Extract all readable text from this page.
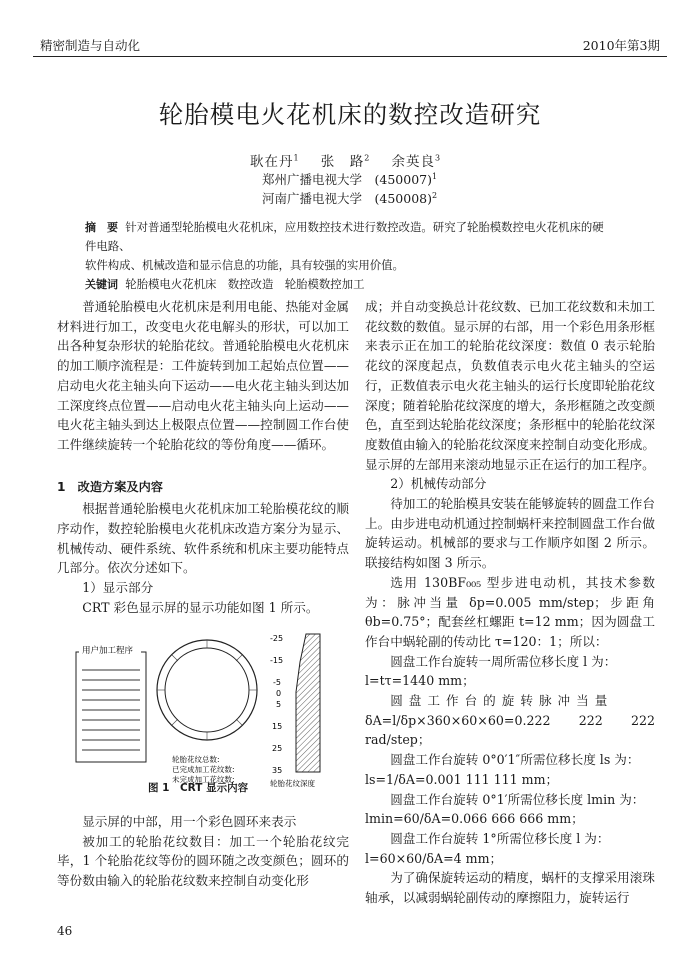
精密制造与自动化	2010年第3期
轮胎模电火花机床的数控改造研究
耿在丹$^1$ 张　路$^2$ 余英良$^3$
郑州广播电视大学　$(450007)^1$
河南广播电视大学　$(450008)^2$
摘　要 针对普通型轮胎模电火花机床，应用数控技术进行数控改造。研究了轮胎模数控电火花机床的硬件电路、
软件构成、机械改造和显示信息的功能，具有较强的实用价值。
关键词 轮胎模电火花机床　数控改造　轮胎模数控加工

普通轮胎模电火花机床是利用电能、热能对金属材料进行加工，改变电火花电解头的形状，可以加工出各种复杂形状的轮胎花纹。普通轮胎模电火花机床的加工顺序流程是：工件旋转到加工起始点位置——启动电火花主轴头向下运动——电火花主轴头到达加工深度终点位置——启动电火花主轴头向上运动——电火花主轴头到达上极限点位置——控制圆工作台使工件继续旋转一个轮胎花纹的等份角度——循环。

1　改造方案及内容

根据普通轮胎模电火花机床加工轮胎模花纹的顺序动作，数控轮胎模电火花机床改造方案分为显示、机械传动、硬件系统、软件系统和机床主要功能特点几部分。依次分述如下。

1）显示部分

CRT 彩色显示屏的显示功能如图 1 所示。

用户加工程序
轮胎花纹总数:
已完成加工花纹数:
未完成加工花纹数:
-25
-15
-5
0
5
15
25
35
轮胎花纹深度
图 1　CRT 显示内容

显示屏的中部，用一个彩色圆环来表示

被加工的轮胎花纹数目：加工一个轮胎花纹完毕，1 个轮胎花纹等份的圆环随之改变颜色；圆环的等份数由输入的轮胎花纹数来控制自动变化形

成；并自动变换总计花纹数、已加工花纹数和未加工花纹数的数值。显示屏的右部，用一个彩色用条形框来表示正在加工的轮胎花纹深度：数值 0 表示轮胎花纹的深度起点，负数值表示电火花主轴头的空运行，正数值表示电火花主轴头的运行长度即轮胎花纹深度；随着轮胎花纹深度的增大，条形框随之改变颜色，直至到达轮胎花纹深度；条形框中的轮胎花纹深度数值由输入的轮胎花纹深度来控制自动变化形成。显示屏的左部用来滚动地显示正在运行的加工程序。

2）机械传动部分

待加工的轮胎模具安装在能够旋转的圆盘工作台上。由步进电动机通过控制蜗杆来控制圆盘工作台做旋转运动。机械部的要求与工作顺序如图 2 所示。联接结构如图 3 所示。

选用 130BF₀₀₅ 型步进电动机，其技术参数为：脉冲当量 δp=0.005 mm/step；步距角 θb=0.75°；配套丝杠螺距 t=12 mm；因为圆盘工作台中蜗轮副的传动比 τ=120：1；所以：

圆盘工作台旋转一周所需位移长度 l 为：

l=tτ=1440 mm；

圆盘工作台的旋转脉冲当量

δA=l/δp×360×60×60=0.222 222 222 rad/step；

圆盘工作台旋转 0°0′1″所需位移长度 ls 为：

ls=1/δA=0.001 111 111 mm；

圆盘工作台旋转 0°1′所需位移长度 lmin 为：

lmin=60/δA=0.066 666 666 mm；

圆盘工作台旋转 1°所需位移长度 l 为：

l=60×60/δA=4 mm；

为了确保旋转运动的精度，蜗杆的支撑采用滚珠轴承，以减弱蜗轮副传动的摩擦阻力，旋转运行

46
